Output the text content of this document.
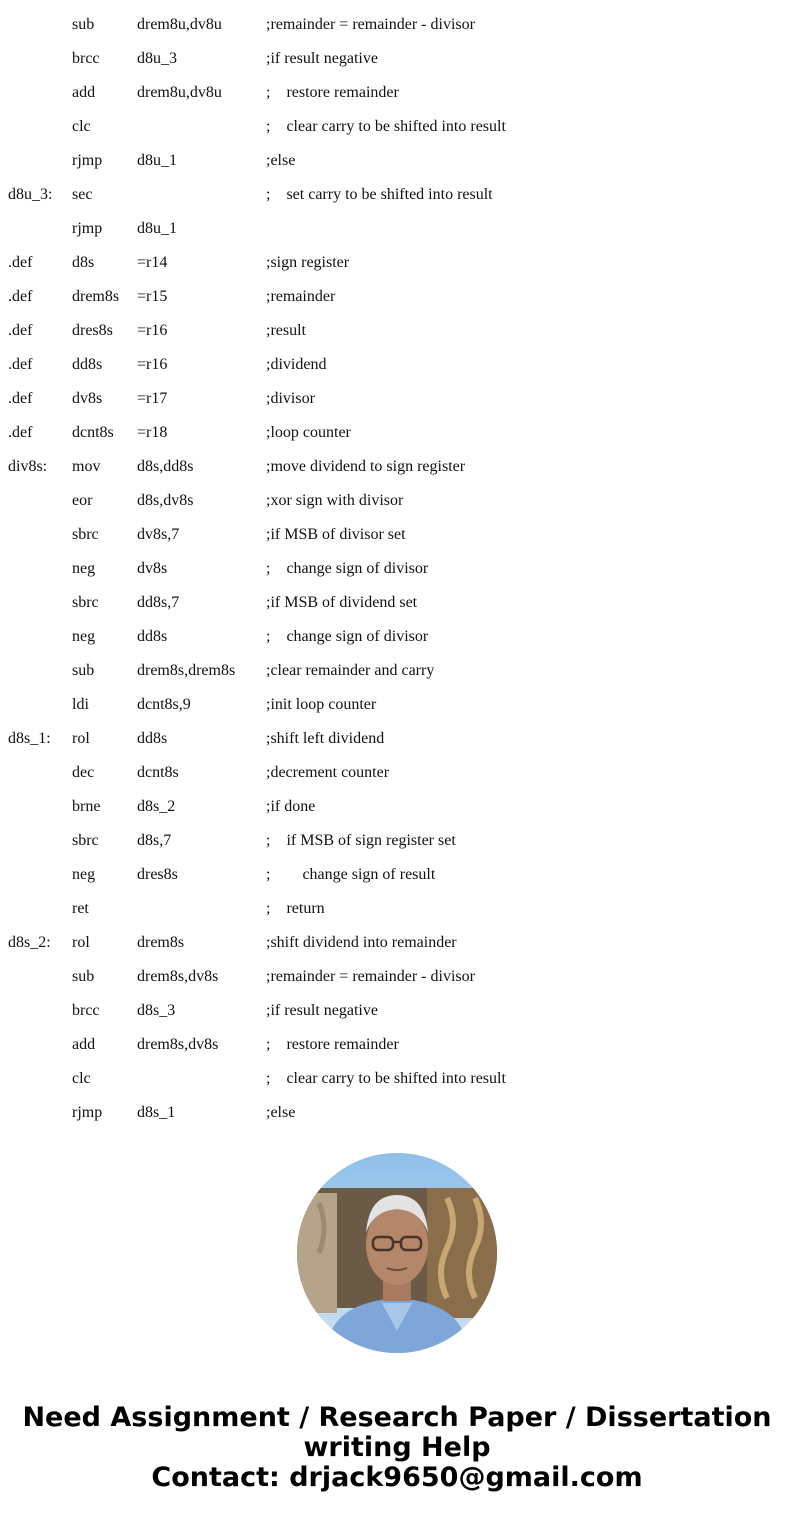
sub	drem8u,dv8u	;remainder = remainder - divisor
brcc d8u_3	;if result negative
add	drem8u,dv8u	;    restore remainder
clc	;    clear carry to be shifted into result
rjmp d8u_1	;else
d8u_3: sec	;    set carry to be shifted into result
rjmp d8u_1
.def d8s	=r14	;sign register
.def drem8s =r15	;remainder
.def dres8s =r16	;result
.def dd8s =r16	;dividend
.def dv8s =r17	;divisor
.def dcnt8s =r18	;loop counter
div8s: mov d8s,dd8s	;move dividend to sign register
eor	d8s,dv8s	;xor sign with divisor
sbrc dv8s,7	;if MSB of divisor set
neg	dv8s	;    change sign of divisor
sbrc dd8s,7	;if MSB of dividend set
neg	dd8s	;    change sign of divisor
sub	drem8s,drem8s ;clear remainder and carry
ldi	dcnt8s,9	;init loop counter
d8s_1: rol	dd8s	;shift left dividend
dec	dcnt8s	;decrement counter
brne d8s_2	;if done
sbrc d8s,7	;    if MSB of sign register set
neg	dres8s	;        change sign of result
ret	;    return
d8s_2: rol	drem8s	;shift dividend into remainder
sub	drem8s,dv8s	;remainder = remainder - divisor
brcc d8s_3	;if result negative
add	drem8s,dv8s	;    restore remainder
clc	;    clear carry to be shifted into result
rjmp d8s_1	;else
Need Assignment / Research Paper / Dissertation
writing Help
Contact: drjack9650@gmail.com
